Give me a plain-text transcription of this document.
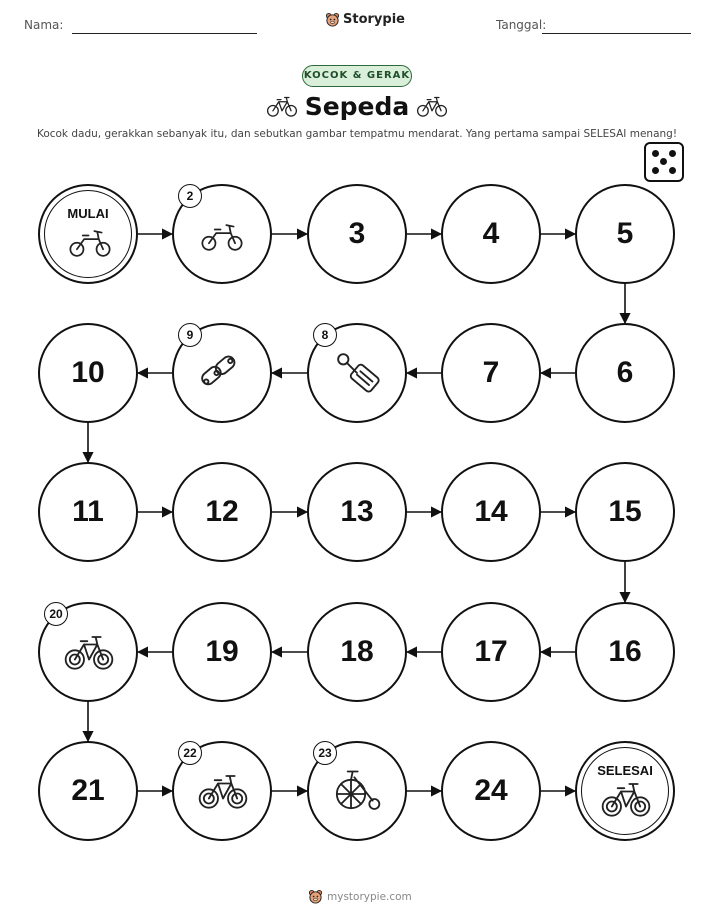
Nama:	Storypie	Tanggal:
KOCOK & GERAK
Sepeda
Kocok dadu, gerakkan sebanyak itu, dan sebutkan gambar tempatmu mendarat. Yang pertama sampai SELESAI menang!
MULAI
2
3	4	5
6
7
8
9
10
11	12	13	14	15
16
17
18
19
20
21
22	23
24
SELESAI
mystorypie.com
